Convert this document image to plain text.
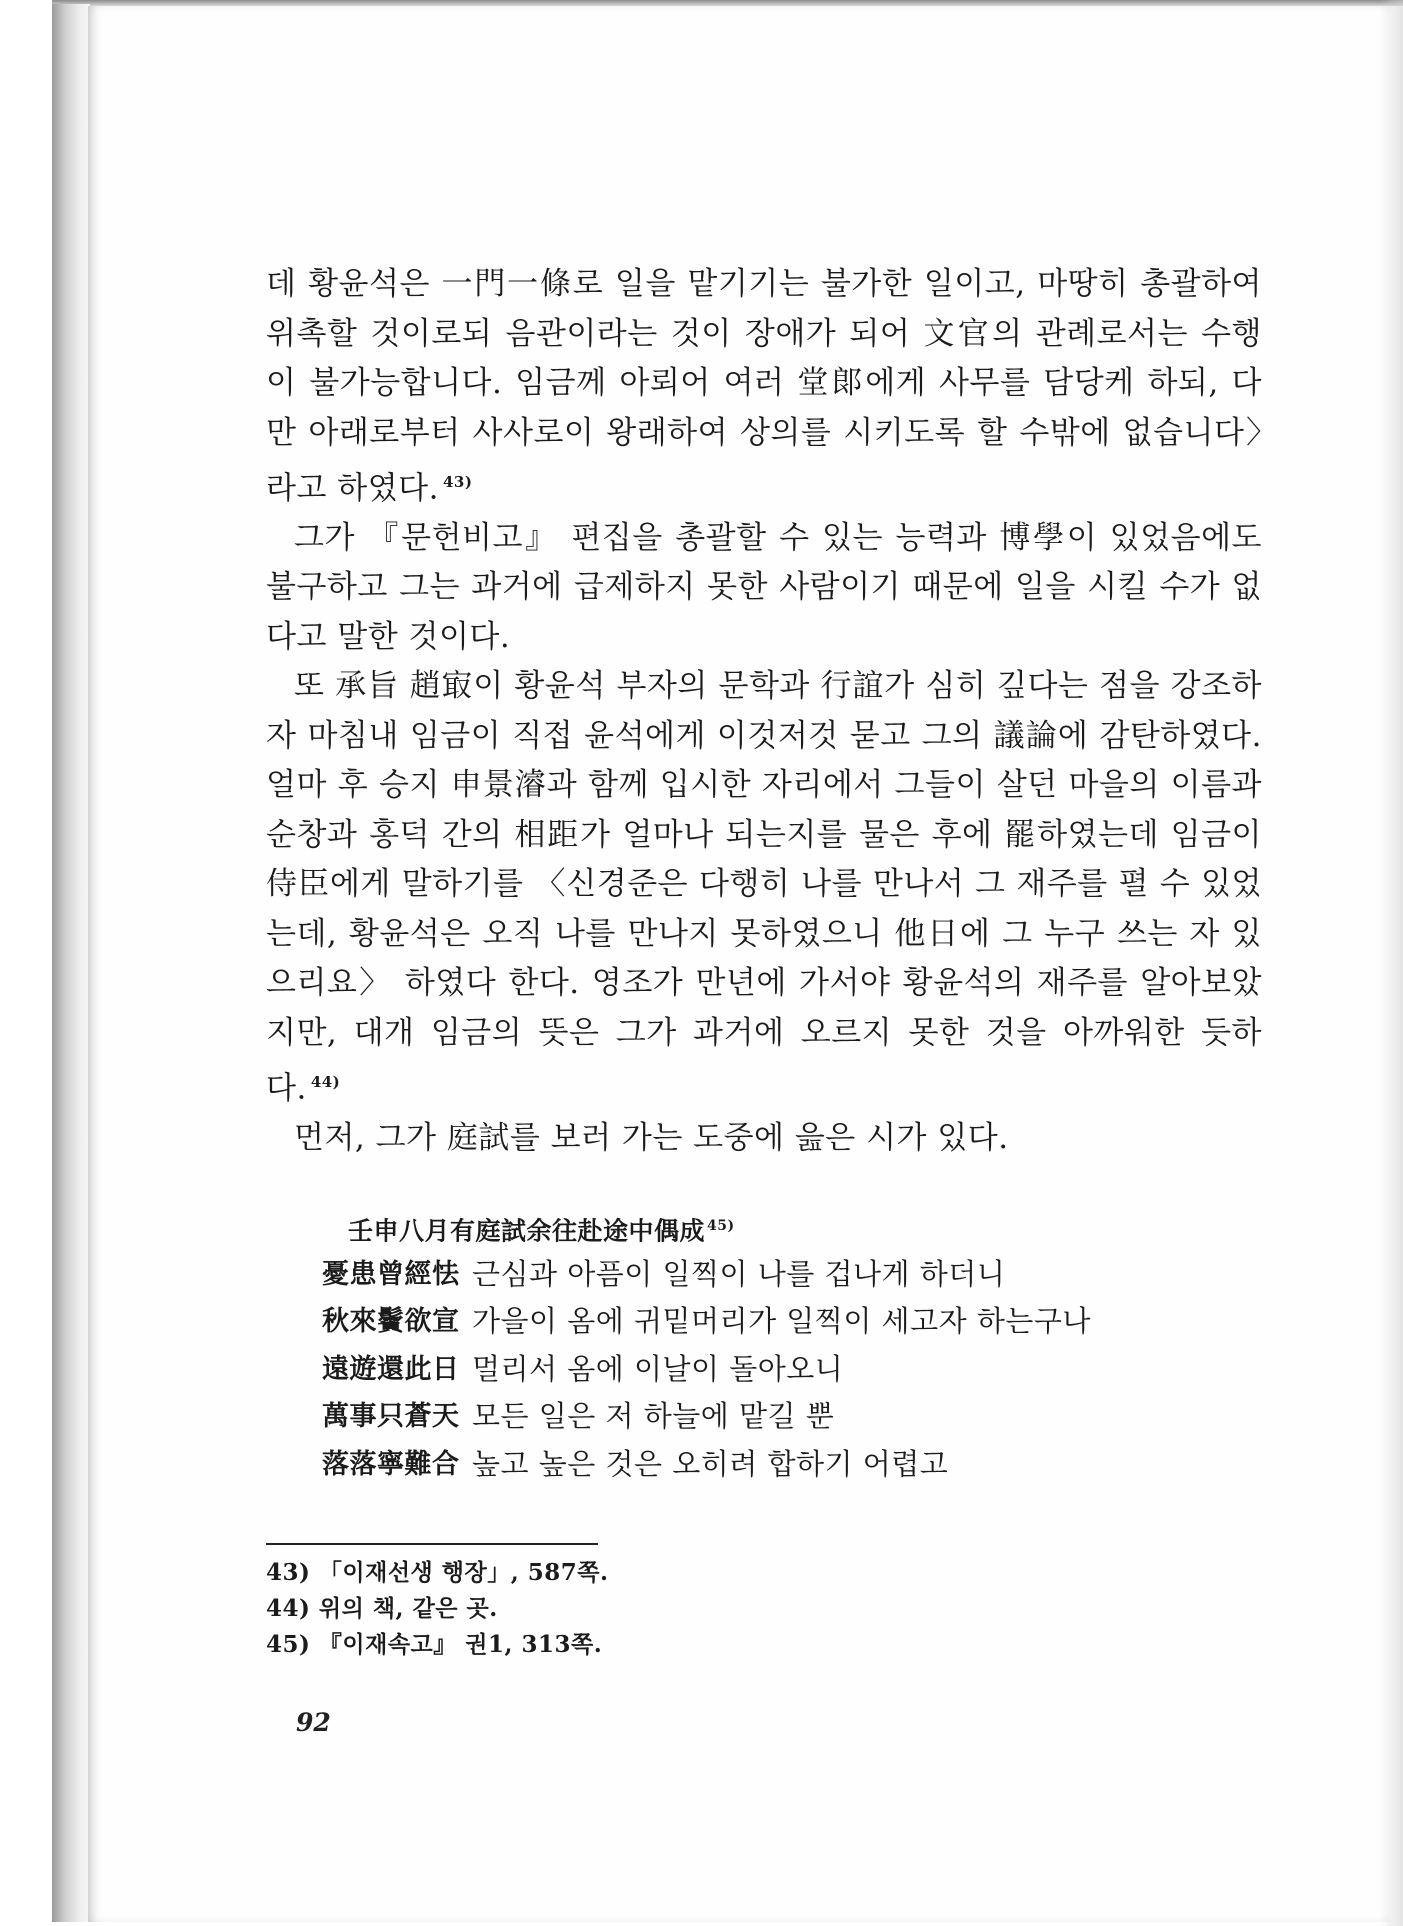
데 황윤석은 一門一條로 일을 맡기기는 불가한 일이고, 마땅히 총괄하여 위촉할 것이로되 음관이라는 것이 장애가 되어 文官의 관례로서는 수행이 불가능합니다. 임금께 아뢰어 여러 堂郞에게 사무를 담당케 하되, 다만 아래로부터 사사로이 왕래하여 상의를 시키도록 할 수밖에 없습니다〉라고 하였다. $^{43)}$

그가 『문헌비고』 편집을 총괄할 수 있는 능력과 博學이 있었음에도 불구하고 그는 과거에 급제하지 못한 사람이기 때문에 일을 시킬 수가 없다고 말한 것이다.

또 承旨 趙㝡이 황윤석 부자의 문학과 行誼가 심히 깊다는 점을 강조하자 마침내 임금이 직접 윤석에게 이것저것 묻고 그의 議論에 감탄하였다. 얼마 후 승지 申景濬과 함께 입시한 자리에서 그들이 살던 마을의 이름과 순창과 홍덕 간의 相距가 얼마나 되는지를 물은 후에 罷하였는데 임금이 侍臣에게 말하기를 〈신경준은 다행히 나를 만나서 그 재주를 펼 수 있었는데, 황윤석은 오직 나를 만나지 못하였으니 他日에 그 누구 쓰는 자 있으리요〉 하였다 한다. 영조가 만년에 가서야 황윤석의 재주를 알아보았지만, 대개 임금의 뜻은 그가 과거에 오르지 못한 것을 아까워한 듯하다. $^{44)}$

먼저, 그가 庭試를 보러 가는 도중에 읊은 시가 있다.

壬申八月有庭試余往赴途中偶成 $^{45)}$
憂患曾經怯 근심과 아픔이 일찍이 나를 겁나게 하더니
秋來鬢欲宣 가을이 옴에 귀밑머리가 일찍이 세고자 하는구나
遠遊還此日 멀리서 옴에 이날이 돌아오니
萬事只蒼天 모든 일은 저 하늘에 맡길 뿐
落落寧難合 높고 높은 것은 오히려 합하기 어렵고
43) 「이재선생 행장」, 587쪽.
44) 위의 책, 같은 곳.
45) 『이재속고』 권1, 313쪽.
92
